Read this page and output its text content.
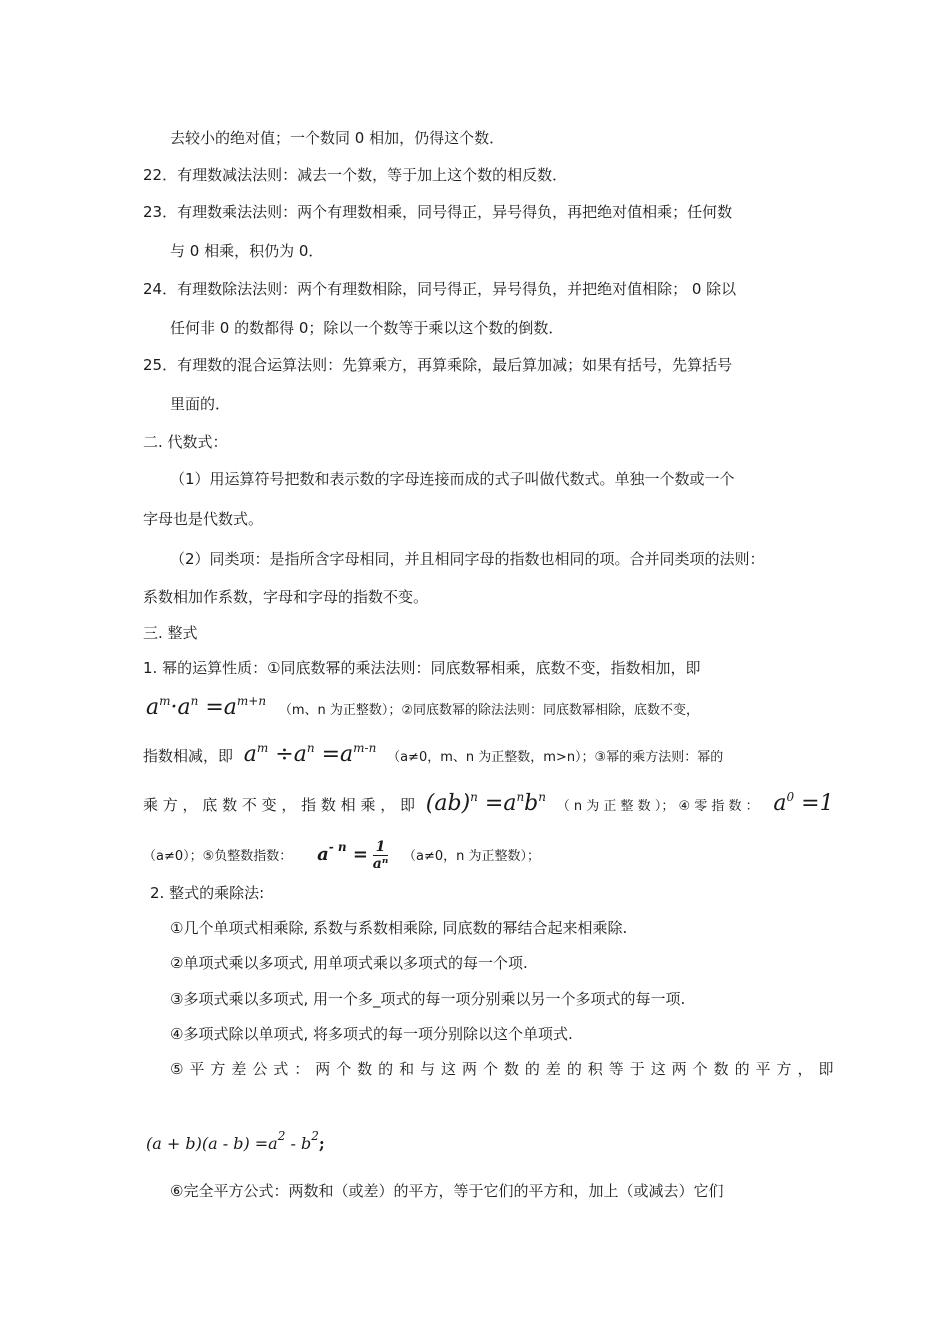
去较小的绝对值；一个数同 0 相加，仍得这个数．
22．有理数减法法则：减去一个数，等于加上这个数的相反数．
23．有理数乘法法则：两个有理数相乘，同号得正，异号得负，再把绝对值相乘；任何数
与 0 相乘，积仍为 0．
24．有理数除法法则：两个有理数相除，同号得正，异号得负，并把绝对值相除； 0 除以
任何非 0 的数都得 0；除以一个数等于乘以这个数的倒数．
25．有理数的混合运算法则：先算乘方，再算乘除，最后算加减；如果有括号，先算括号
里面的．
二. 代数式：
（1）用运算符号把数和表示数的字母连接而成的式子叫做代数式。单独一个数或一个
字母也是代数式。
（2）同类项：是指所含字母相同，并且相同字母的指数也相同的项。合并同类项的法则：
系数相加作系数，字母和字母的指数不变。
三. 整式
1. 幂的运算性质：①同底数幂的乘法法则：同底数幂相乘，底数不变，指数相加，即
$a^m\cdot a^n =a^{m+n}$ （m、n 为正整数）；②同底数幂的除法法则：同底数幂相除，底数不变，
指数相减，即 $a^m \div a^n =a^{m-n}$ （a≠0，m、n 为正整数，m>n）；③幂的乘方法则：幂的
乘 方 ， 底 数 不 变 ， 指 数 相 乘 ， 即 $(ab)^n =a^nb^n$ （ n 为 正 整 数 ）； ④ 零 指 数 ： $a^0 =1$
（a≠0）；⑤负整数指数： $a^{- n} = \frac{1}{\text{aⁿ}} (a\ne 0$，n 为正整数）；
2. 整式的乘除法:
①几个单项式相乘除, 系数与系数相乘除, 同底数的幂结合起来相乘除.
②单项式乘以多项式, 用单项式乘以多项式的每一个项.
③多项式乘以多项式, 用一个多_项式的每一项分别乘以另一个多项式的每一项.
④多项式除以单项式, 将多项式的每一项分别除以这个单项式.
⑤ 平 方 差 公 式 ： 两 个 数 的 和 与 这 两 个 数 的 差 的 积 等 于 这 两 个 数 的 平 方 ， 即
$(a + b)(a - b) =a^2 - b^2$;
⑥完全平方公式：两数和（或差）的平方，等于它们的平方和，加上（或减去）它们
